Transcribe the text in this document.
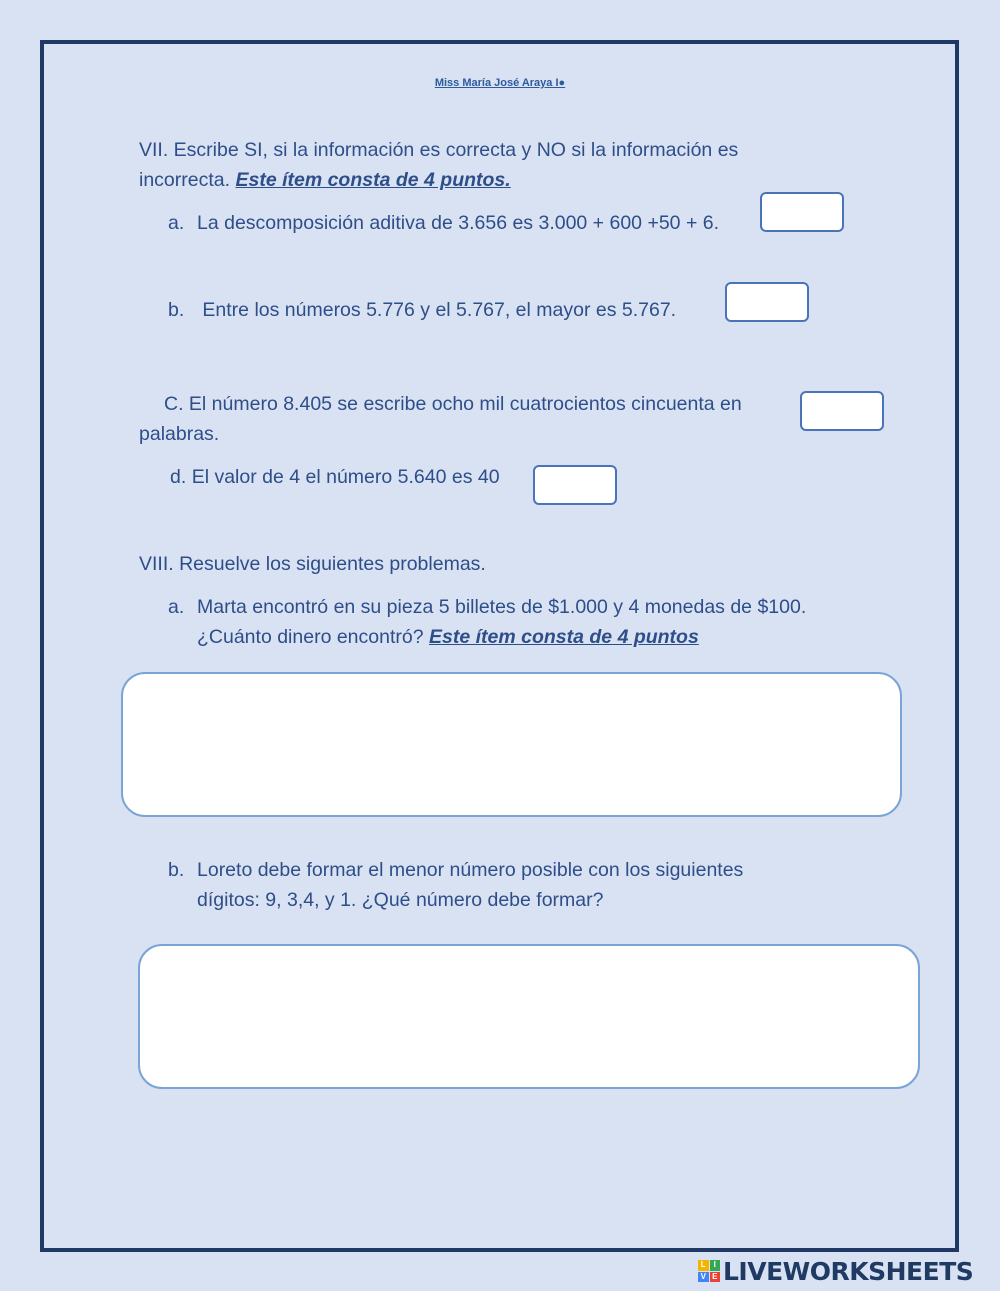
Miss María José Araya I●
VII. Escribe SI, si la información es correcta y NO si la información es
incorrecta. Este ítem consta de 4 puntos.
a. La descomposición aditiva de 3.656 es 3.000 + 600 +50 + 6.
b. Entre los números 5.776 y el 5.767, el mayor es 5.767.
C. El número 8.405 se escribe ocho mil cuatrocientos cincuenta en
palabras.
d. El valor de 4 el número 5.640 es 40
VIII. Resuelve los siguientes problemas.
a. Marta encontró en su pieza 5 billetes de $1.000 y 4 monedas de $100.
¿Cuánto dinero encontró? Este ítem consta de 4 puntos
b. Loreto debe formar el menor número posible con los siguientes
dígitos: 9, 3,4, y 1. ¿Qué número debe formar?
L I
V E LIVEWORKSHEETS
